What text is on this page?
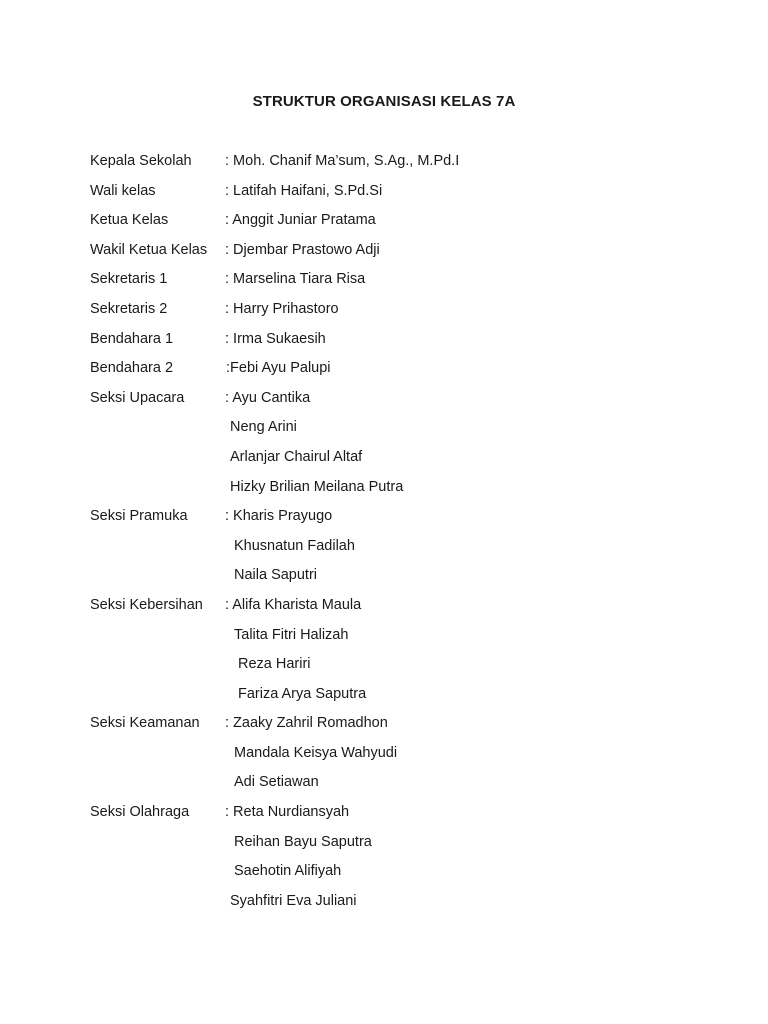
STRUKTUR ORGANISASI KELAS 7A
Kepala Sekolah : Moh. Chanif Ma’sum, S.Ag., M.Pd.I
Wali kelas	: Latifah Haifani, S.Pd.Si
Ketua Kelas	: Anggit Juniar Pratama
Wakil Ketua Kelas : Djembar Prastowo Adji
Sekretaris 1	: Marselina Tiara Risa
Sekretaris 2	: Harry Prihastoro
Bendahara 1	: Irma Sukaesih
Bendahara 2	:Febi Ayu Palupi
Seksi Upacara	: Ayu Cantika
Neng Arini
Arlanjar Chairul Altaf
Hizky Brilian Meilana Putra
Seksi Pramuka	: Kharis Prayugo
Khusnatun Fadilah
Naila Saputri
Seksi Kebersihan : Alifa Kharista Maula
Talita Fitri Halizah
Reza Hariri
Fariza Arya Saputra
Seksi Keamanan : Zaaky Zahril Romadhon
Mandala Keisya Wahyudi
Adi Setiawan
Seksi Olahraga : Reta Nurdiansyah
Reihan Bayu Saputra
Saehotin Alifiyah
Syahfitri Eva Juliani
